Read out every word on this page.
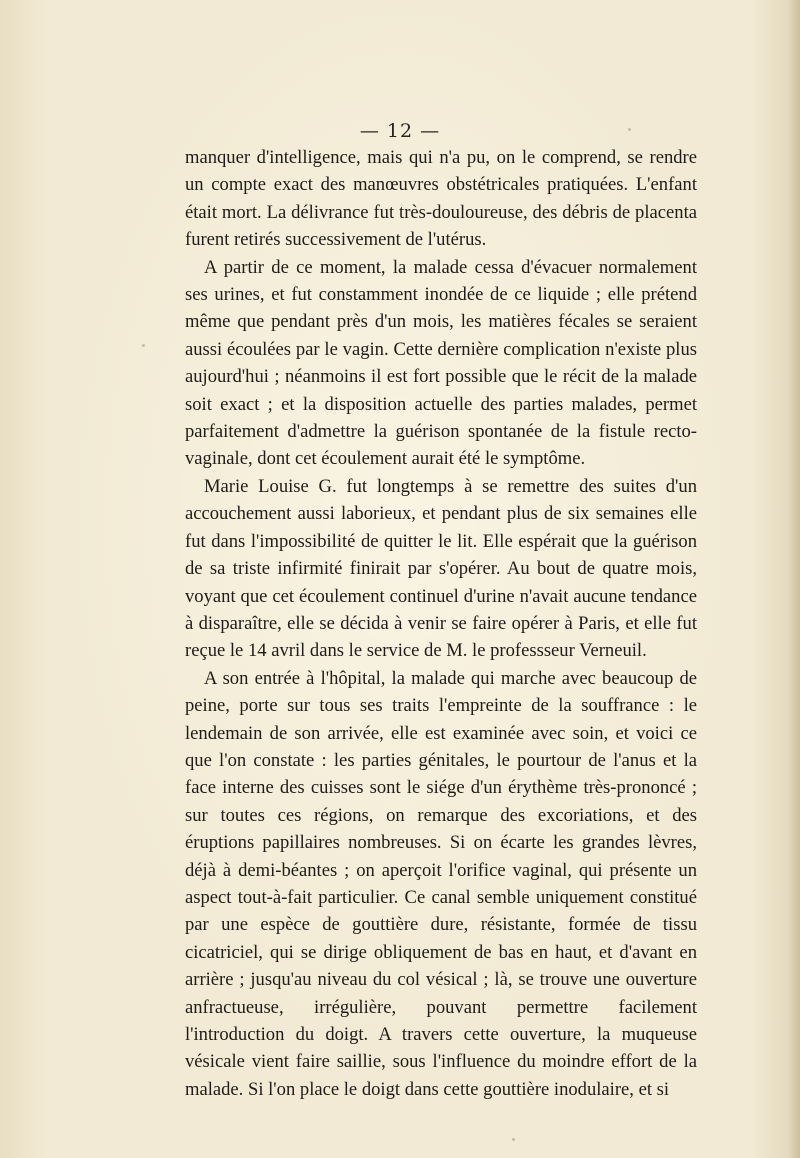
— 12 —

manquer d'intelligence, mais qui n'a pu, on le comprend, se rendre un compte exact des manœuvres obstétricales pratiquées. L'enfant était mort. La délivrance fut très-douloureuse, des débris de placenta furent retirés successivement de l'utérus.

A partir de ce moment, la malade cessa d'évacuer normalement ses urines, et fut constamment inondée de ce liquide ; elle prétend même que pendant près d'un mois, les matières fécales se seraient aussi écoulées par le vagin. Cette dernière complication n'existe plus aujourd'hui ; néanmoins il est fort possible que le récit de la malade soit exact ; et la disposition actuelle des parties malades, permet parfaitement d'admettre la guérison spontanée de la fistule recto-vaginale, dont cet écoulement aurait été le symptôme.

Marie Louise G. fut longtemps à se remettre des suites d'un accouchement aussi laborieux, et pendant plus de six semaines elle fut dans l'impossibilité de quitter le lit. Elle espérait que la guérison de sa triste infirmité finirait par s'opérer. Au bout de quatre mois, voyant que cet écoulement continuel d'urine n'avait aucune tendance à disparaître, elle se décida à venir se faire opérer à Paris, et elle fut reçue le 14 avril dans le service de M. le professseur Verneuil.

A son entrée à l'hôpital, la malade qui marche avec beaucoup de peine, porte sur tous ses traits l'empreinte de la souffrance : le lendemain de son arrivée, elle est examinée avec soin, et voici ce que l'on constate : les parties génitales, le pourtour de l'anus et la face interne des cuisses sont le siége d'un érythème très-prononcé ; sur toutes ces régions, on remarque des excoriations, et des éruptions papillaires nombreuses. Si on écarte les grandes lèvres, déjà à demi-béantes ; on aperçoit l'orifice vaginal, qui présente un aspect tout-à-fait particulier. Ce canal semble uniquement constitué par une espèce de gouttière dure, résistante, formée de tissu cicatriciel, qui se dirige obliquement de bas en haut, et d'avant en arrière ; jusqu'au niveau du col vésical ; là, se trouve une ouverture anfractueuse, irrégulière, pouvant permettre facilement l'introduction du doigt. A travers cette ouverture, la muqueuse vésicale vient faire saillie, sous l'influence du moindre effort de la malade. Si l'on place le doigt dans cette gouttière inodulaire, et si
